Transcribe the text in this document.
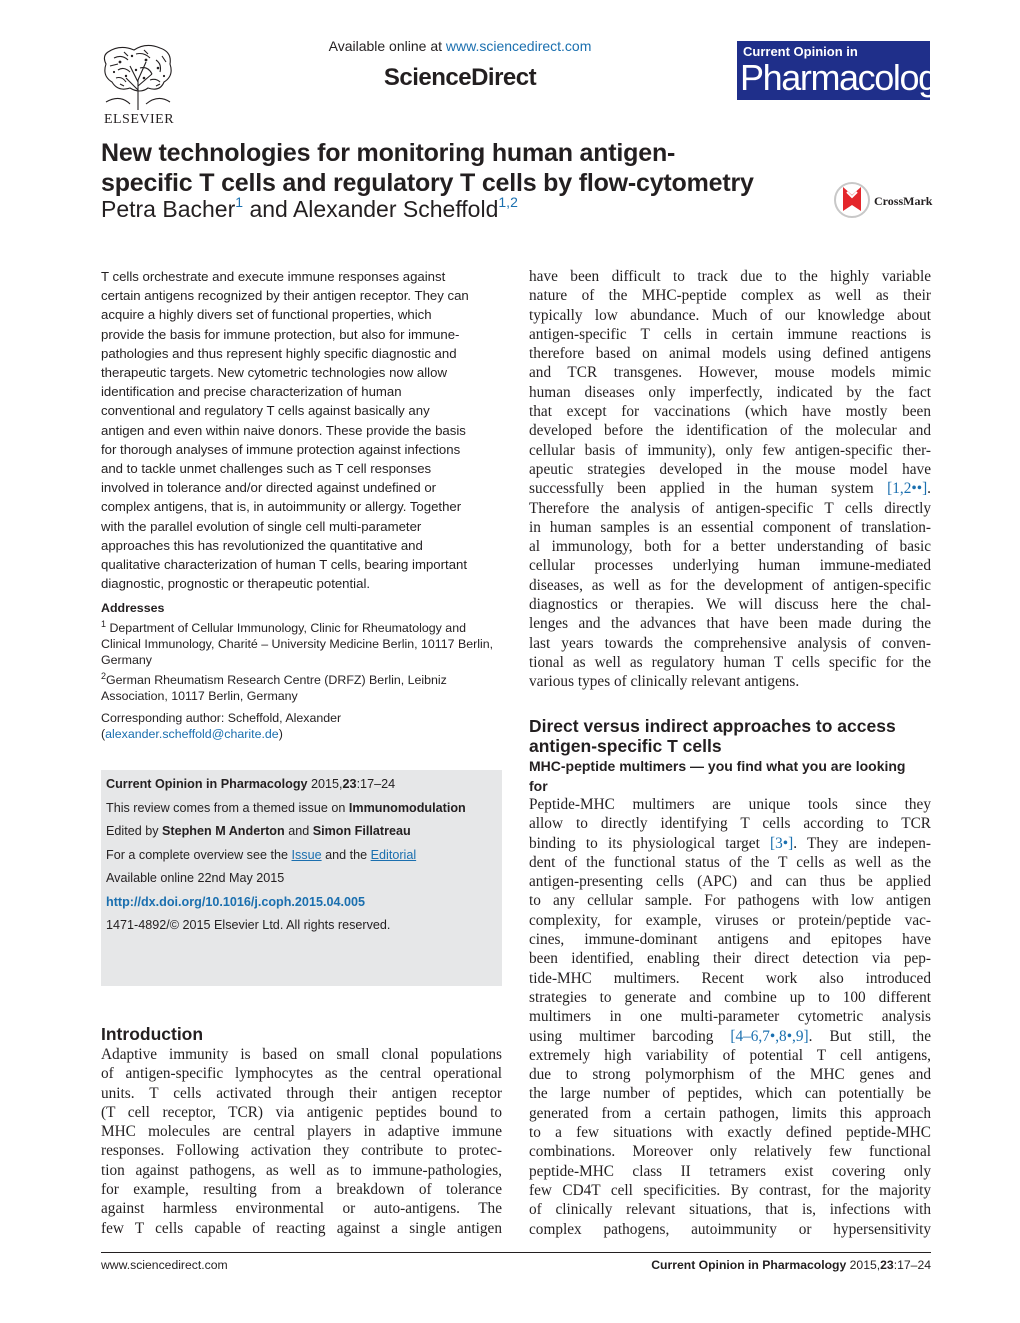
ELSEVIER
Available online at www.sciencedirect.com
ScienceDirect
Current Opinion in
Pharmacology
New technologies for monitoring human antigen-
specific T cells and regulatory T cells by flow-cytometry
Petra Bacher$^1$ and Alexander Scheffold$^{1,2}$	CrossMark
T cells orchestrate and execute immune responses against
certain antigens recognized by their antigen receptor. They can
acquire a highly divers set of functional properties, which
provide the basis for immune protection, but also for immune-
pathologies and thus represent highly specific diagnostic and
therapeutic targets. New cytometric technologies now allow
identification and precise characterization of human
conventional and regulatory T cells against basically any
antigen and even within naive donors. These provide the basis
for thorough analyses of immune protection against infections
and to tackle unmet challenges such as T cell responses
involved in tolerance and/or directed against undefined or
complex antigens, that is, in autoimmunity or allergy. Together
with the parallel evolution of single cell multi-parameter
approaches this has revolutionized the quantitative and
qualitative characterization of human T cells, bearing important
diagnostic, prognostic or therapeutic potential.
Addresses
$^1$ Department of Cellular Immunology, Clinic for Rheumatology and
Clinical Immunology, Charité – University Medicine Berlin, 10117 Berlin,
Germany
$^2$German Rheumatism Research Centre (DRFZ) Berlin, Leibniz
Association, 10117 Berlin, Germany
Corresponding author: Scheffold, Alexander
(alexander.scheffold@charite.de)
Current Opinion in Pharmacology 2015,23:17–24
This review comes from a themed issue on Immunomodulation
Edited by Stephen M Anderton and Simon Fillatreau
For a complete overview see the Issue and the Editorial
Available online 22nd May 2015
http://dx.doi.org/10.1016/j.coph.2015.04.005
1471-4892/© 2015 Elsevier Ltd. All rights reserved.
Introduction
Adaptive immunity is based on small clonal populations
of antigen-specific lymphocytes as the central operational
units. T cells activated through their antigen receptor
(T cell receptor, TCR) via antigenic peptides bound to
MHC molecules are central players in adaptive immune
responses. Following activation they contribute to protec-
tion against pathogens, as well as to immune-pathologies,
for example, resulting from a breakdown of tolerance
against harmless environmental or auto-antigens. The
few T cells capable of reacting against a single antigen
have been difficult to track due to the highly variable
nature of the MHC-peptide complex as well as their
typically low abundance. Much of our knowledge about
antigen-specific T cells in certain immune reactions is
therefore based on animal models using defined antigens
and TCR transgenes. However, mouse models mimic
human diseases only imperfectly, indicated by the fact
that except for vaccinations (which have mostly been
developed before the identification of the molecular and
cellular basis of immunity), only few antigen-specific ther-
apeutic strategies developed in the mouse model have
successfully been applied in the human system [1,2••].
Therefore the analysis of antigen-specific T cells directly
in human samples is an essential component of translation-
al immunology, both for a better understanding of basic
cellular processes underlying human immune-mediated
diseases, as well as for the development of antigen-specific
diagnostics or therapies. We will discuss here the chal-
lenges and the advances that have been made during the
last years towards the comprehensive analysis of conven-
tional as well as regulatory human T cells specific for the
various types of clinically relevant antigens.
Direct versus indirect approaches to access
antigen-specific T cells
MHC-peptide multimers — you find what you are looking
for
Peptide-MHC multimers are unique tools since they
allow to directly identifying T cells according to TCR
binding to its physiological target [3•]. They are indepen-
dent of the functional status of the T cells as well as the
antigen-presenting cells (APC) and can thus be applied
to any cellular sample. For pathogens with low antigen
complexity, for example, viruses or protein/peptide vac-
cines, immune-dominant antigens and epitopes have
been identified, enabling their direct detection via pep-
tide-MHC multimers. Recent work also introduced
strategies to generate and combine up to 100 different
multimers in one multi-parameter cytometric analysis
using multimer barcoding [4–6,7•,8•,9]. But still, the
extremely high variability of potential T cell antigens,
due to strong polymorphism of the MHC genes and
the large number of peptides, which can potentially be
generated from a certain pathogen, limits this approach
to a few situations with exactly defined peptide-MHC
combinations. Moreover only relatively few functional
peptide-MHC class II tetramers exist covering only
few CD4T cell specificities. By contrast, for the majority
of clinically relevant situations, that is, infections with
complex pathogens, autoimmunity or hypersensitivity
www.sciencedirect.com	Current Opinion in Pharmacology 2015,23:17–24
